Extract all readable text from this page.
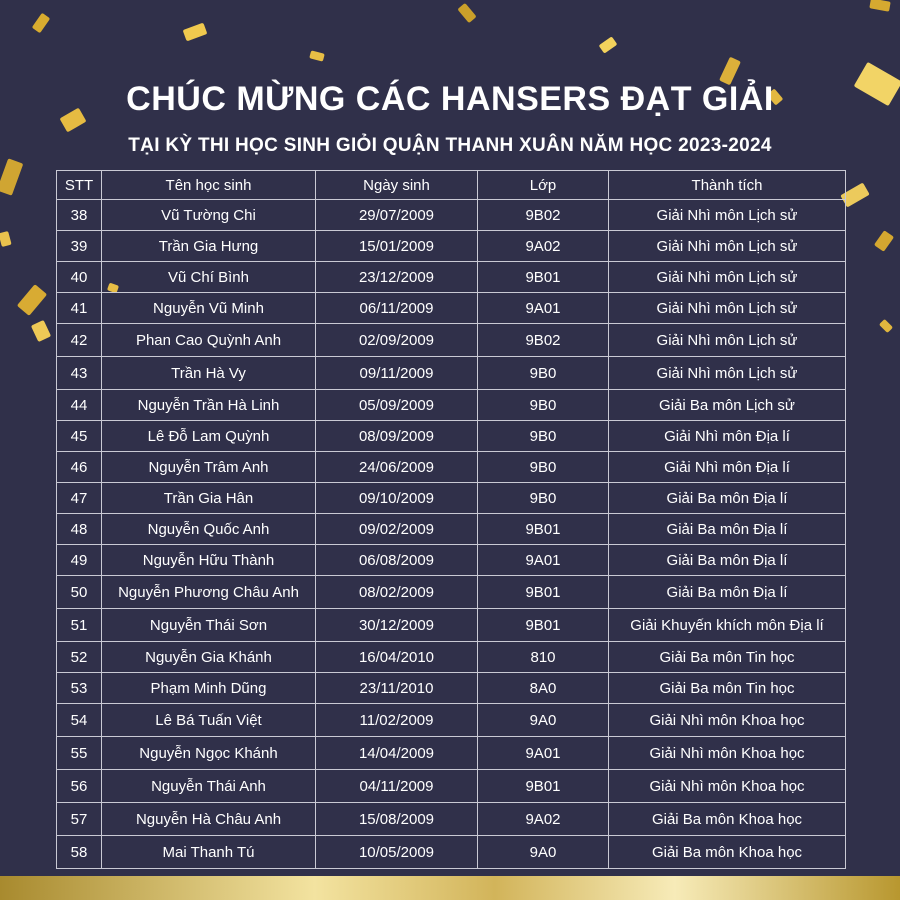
CHÚC MỪNG CÁC HANSERS ĐẠT GIẢI
TẠI KỲ THI HỌC SINH GIỎI QUẬN THANH XUÂN NĂM HỌC 2023-2024
STT	Tên học sinh	Ngày sinh	Lớp	Thành tích
38	Vũ Tường Chi	29/07/2009	9B02	Giải Nhì môn Lịch sử
39	Trần Gia Hưng	15/01/2009	9A02	Giải Nhì môn Lịch sử
40	Vũ Chí Bình	23/12/2009	9B01	Giải Nhì môn Lịch sử
41	Nguyễn Vũ Minh	06/11/2009	9A01	Giải Nhì môn Lịch sử
42	Phan Cao Quỳnh Anh	02/09/2009	9B02	Giải Nhì môn Lịch sử
43	Trần Hà Vy	09/11/2009	9B0	Giải Nhì môn Lịch sử
44	Nguyễn Trần Hà Linh	05/09/2009	9B0	Giải Ba môn Lịch sử
45	Lê Đỗ Lam Quỳnh	08/09/2009	9B0	Giải Nhì môn Địa lí
46	Nguyễn Trâm Anh	24/06/2009	9B0	Giải Nhì môn Địa lí
47	Trần Gia Hân	09/10/2009	9B0	Giải Ba môn Địa lí
48	Nguyễn Quốc Anh	09/02/2009	9B01	Giải Ba môn Địa lí
49	Nguyễn Hữu Thành	06/08/2009	9A01	Giải Ba môn Địa lí
50	Nguyễn Phương Châu Anh	08/02/2009	9B01	Giải Ba môn Địa lí
51	Nguyễn Thái Sơn	30/12/2009	9B01	Giải Khuyến khích môn Địa lí
52	Nguyễn Gia Khánh	16/04/2010	810	Giải Ba môn Tin học
53	Phạm Minh Dũng	23/11/2010	8A0	Giải Ba môn Tin học
54	Lê Bá Tuấn Việt	11/02/2009	9A0	Giải Nhì môn Khoa học
55	Nguyễn Ngọc Khánh	14/04/2009	9A01	Giải Nhì môn Khoa học
56	Nguyễn Thái Anh	04/11/2009	9B01	Giải Nhì môn Khoa học
57	Nguyễn Hà Châu Anh	15/08/2009	9A02	Giải Ba môn Khoa học
58	Mai Thanh Tú	10/05/2009	9A0	Giải Ba môn Khoa học
